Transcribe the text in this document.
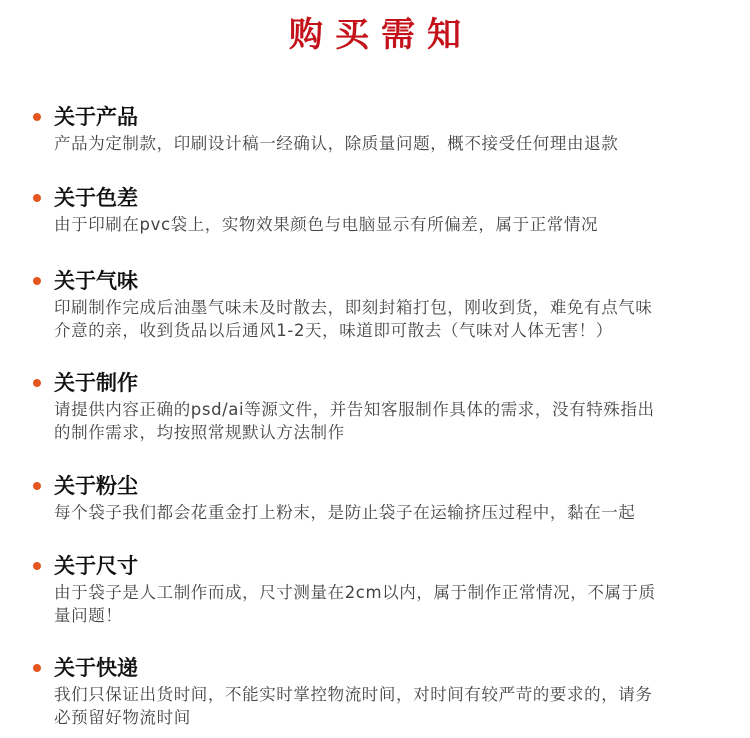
购买需知
关于产品
产品为定制款，印刷设计稿一经确认，除质量问题，概不接受任何理由退款
关于色差
由于印刷在pvc袋上，实物效果颜色与电脑显示有所偏差，属于正常情况
关于气味
印刷制作完成后油墨气味未及时散去，即刻封箱打包，刚收到货，难免有点气味
介意的亲，收到货品以后通风1-2天，味道即可散去（气味对人体无害！）
关于制作
请提供内容正确的psd/ai等源文件，并告知客服制作具体的需求，没有特殊指出
的制作需求，均按照常规默认方法制作
关于粉尘
每个袋子我们都会花重金打上粉末，是防止袋子在运输挤压过程中，黏在一起
关于尺寸
由于袋子是人工制作而成，尺寸测量在2cm以内，属于制作正常情况，不属于质
量问题！
关于快递
我们只保证出货时间，不能实时掌控物流时间，对时间有较严苛的要求的，请务
必预留好物流时间
